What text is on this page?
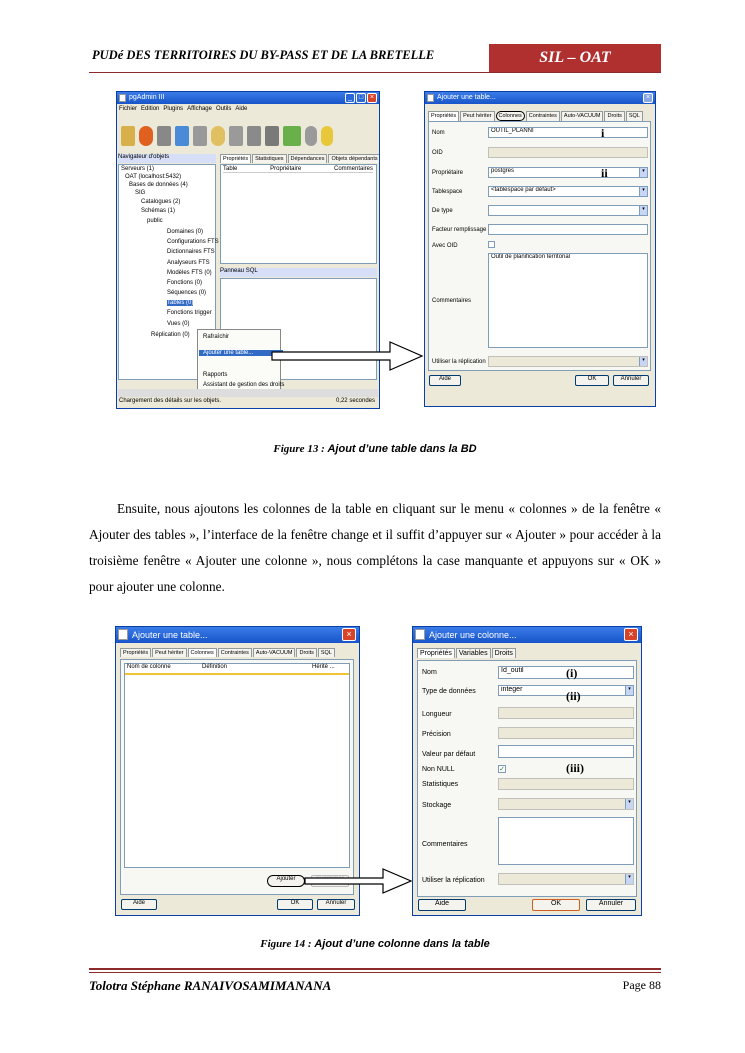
PUDé DES TERRITOIRES DU BY-PASS ET DE LA BRETELLE	SIL – OAT
pgAdmin III	_ □ ×
Fichier Edition Plugins Affichage Outils Aide
Navigateur d'objets
Serveurs (1)
OAT (localhost:5432)
Bases de données (4)
SIG
Catalogues (2)
Schémas (1)
public
Domaines (0)
Configurations FTS
Dictionnaires FTS
Analyseurs FTS
Modèles FTS (0)
Fonctions (0)
Séquences (0)
Tables (0)
Fonctions trigger
Vues (0)
Réplication (0)
Propriétés	Statistiques	Dépendances	Objets dépendants
Table	Propriétaire	Commentaires
Panneau SQL
Rafraîchir
Ajouter une table...
Rapports
Assistant de gestion des droits
Chargement des détails sur les objets.	0,22 secondes
Ajouter une table...	×
Propriétés	Peut hériter	Colonnes	Contraintes	Auto-VACUUM	Droits	SQL
Nom	OUTIL_PLANNI	i
OID
Propriétaire	postgres	▾
ii
Tablespace	<tablespace par défaut>	▾
De type	▾
Facteur remplissage
Avec OID
Commentaires
Outil de planification territorial
Utiliser la réplication	▾
Aide	OK	Annuler
Figure 13 : Ajout d’une table dans la BD
Ensuite, nous ajoutons les colonnes de la table en cliquant sur le menu « colonnes » de la fenêtre « Ajouter des tables », l’interface de la fenêtre change et il suffit d’appuyer sur « Ajouter » pour accéder à la troisième fenêtre « Ajouter une colonne », nous complétons la case manquante et appuyons sur « OK » pour ajouter une colonne.
Ajouter une table...	×
Propriétés	Peut hériter	Colonnes	Contraintes	Auto-VACUUM	Droits	SQL
Nom de colonne	Définition	Hérité ...
Ajouter
Aide	OK	Annuler
Ajouter une colonne...	×
Propriétés	Variables	Droits
Nom	Id_outil	(i)
Type de données	integer	▾
(ii)
Longueur
Précision
Valeur par défaut
Non NULL	✓	(iii)
Statistiques
Stockage	▾
Commentaires
Utiliser la réplication	▾
Aide	OK	Annuler
Figure 14 : Ajout d’une colonne dans la table
Tolotra Stéphane RANAIVOSAMIMANANA	Page 88
